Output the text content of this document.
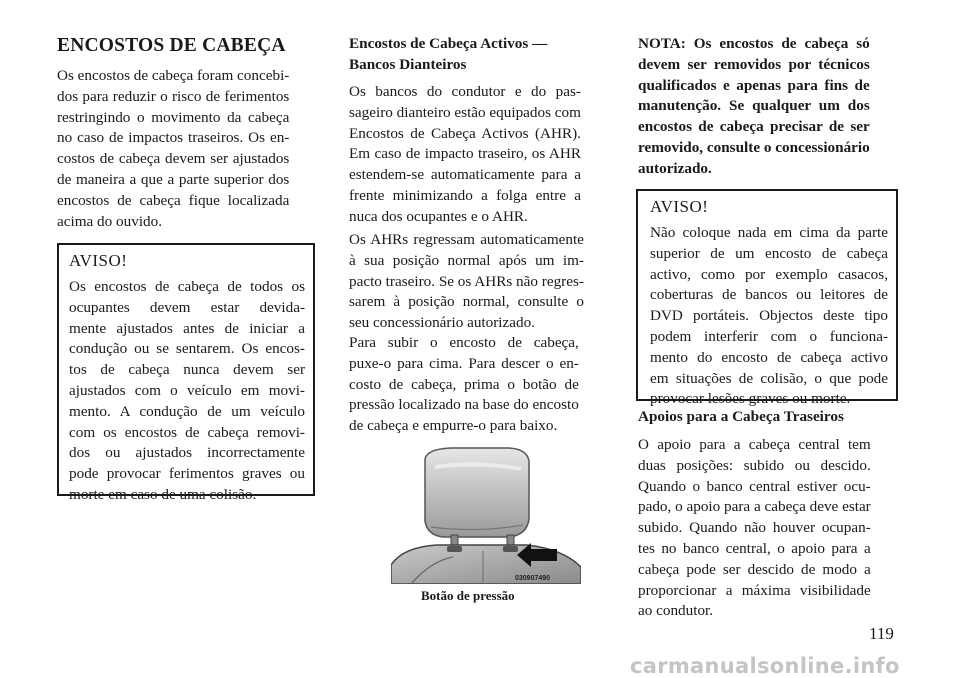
ENCOSTOS DE CABEÇA
Os encostos de cabeça foram concebi-
dos para reduzir o risco de ferimentos
restringindo o movimento da cabeça
no caso de impactos traseiros. Os en-
costos de cabeça devem ser ajustados
de maneira a que a parte superior dos
encostos de cabeça fique localizada
acima do ouvido.
AVISO!
Os encostos de cabeça de todos os
ocupantes devem estar devida-
mente ajustados antes de iniciar a
condução ou se sentarem. Os encos-
tos de cabeça nunca devem ser
ajustados com o veículo em movi-
mento. A condução de um veículo
com os encostos de cabeça removi-
dos ou ajustados incorrectamente
pode provocar ferimentos graves ou
morte em caso de uma colisão.
Encostos de Cabeça Activos —
Bancos Dianteiros
Os bancos do condutor e do pas-
sageiro dianteiro estão equipados com
Encostos de Cabeça Activos (AHR).
Em caso de impacto traseiro, os AHR
estendem-se automaticamente para a
frente minimizando a folga entre a
nuca dos ocupantes e o AHR.
Os AHRs regressam automaticamente
à sua posição normal após um im-
pacto traseiro. Se os AHRs não regres-
sarem à posição normal, consulte o
seu concessionário autorizado.
Para subir o encosto de cabeça,
puxe-o para cima. Para descer o en-
costo de cabeça, prima o botão de
pressão localizado na base do encosto
de cabeça e empurre-o para baixo.
030907490
Botão de pressão
NOTA: Os encostos de cabeça só
devem ser removidos por técnicos
qualificados e apenas para fins de
manutenção. Se qualquer um dos
encostos de cabeça precisar de ser
removido, consulte o concessionário
autorizado.
AVISO!
Não coloque nada em cima da parte
superior de um encosto de cabeça
activo, como por exemplo casacos,
coberturas de bancos ou leitores de
DVD portáteis. Objectos deste tipo
podem interferir com o funciona-
mento do encosto de cabeça activo
em situações de colisão, o que pode
provocar lesões graves ou morte.
Apoios para a Cabeça Traseiros
O apoio para a cabeça central tem
duas posições: subido ou descido.
Quando o banco central estiver ocu-
pado, o apoio para a cabeça deve estar
subido. Quando não houver ocupan-
tes no banco central, o apoio para a
cabeça pode ser descido de modo a
proporcionar a máxima visibilidade
ao condutor.
119
carmanualsonline.info
